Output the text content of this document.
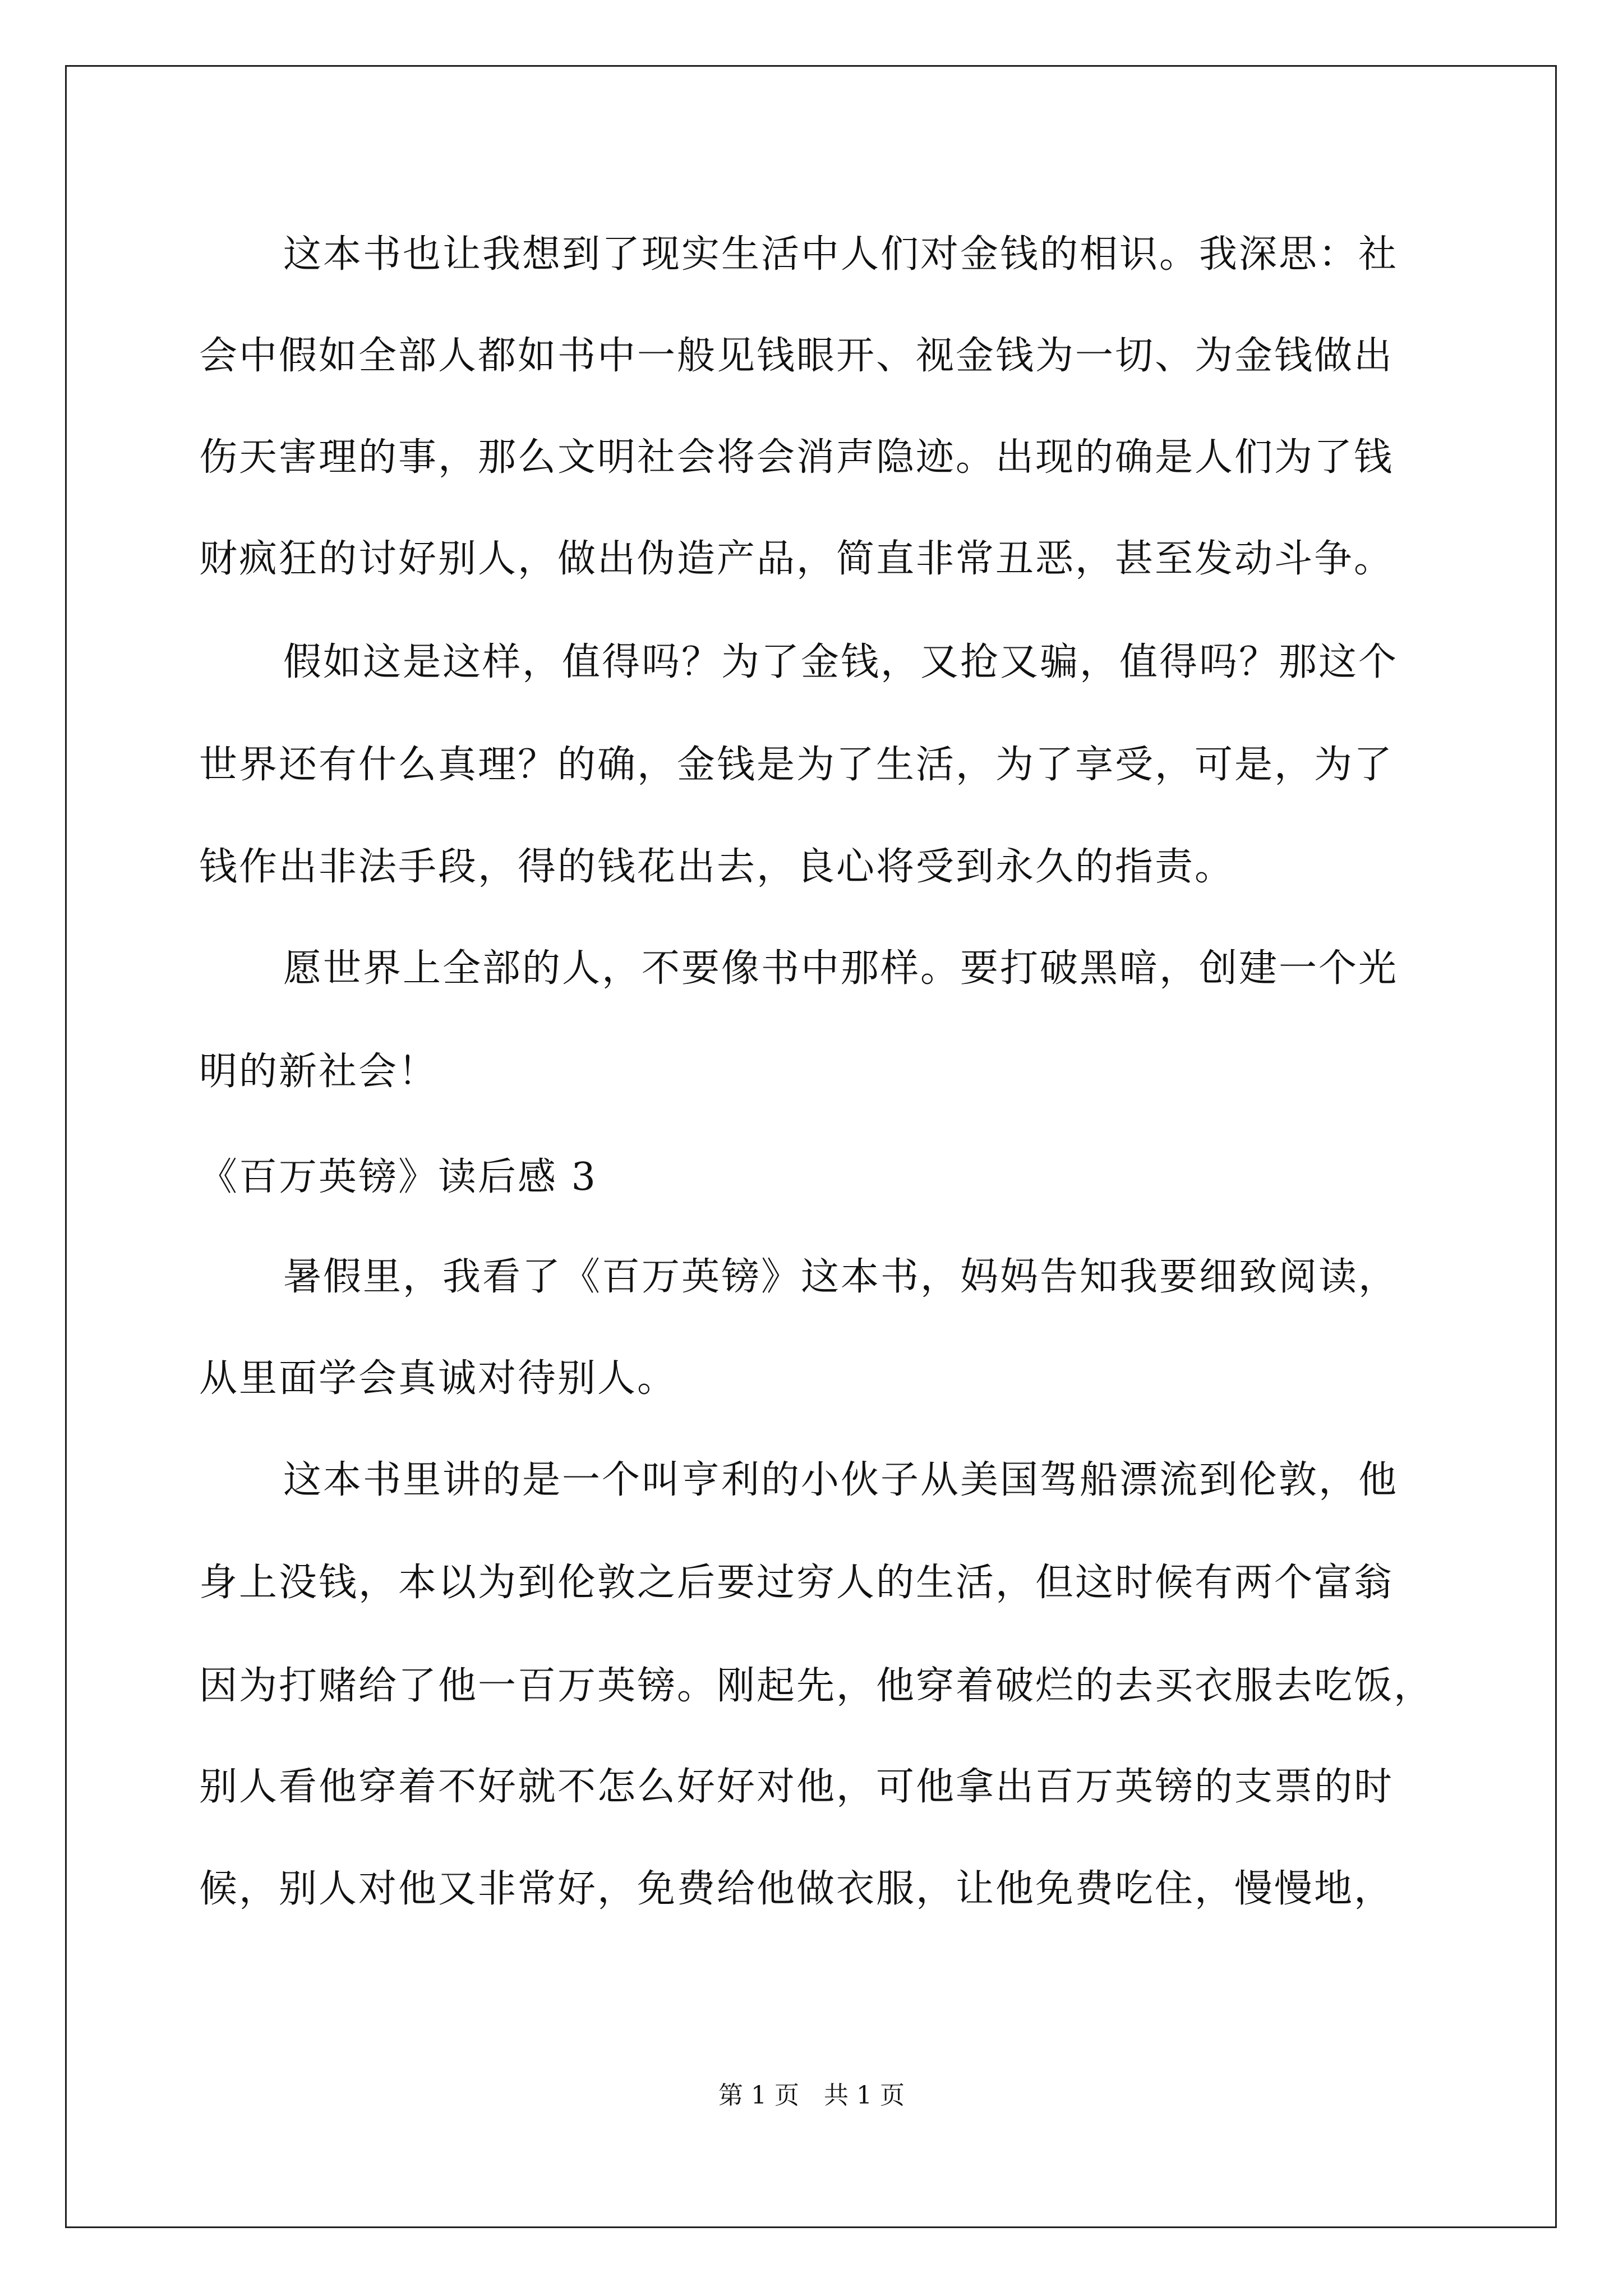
这本书也让我想到了现实生活中人们对金钱的相识。我深思：社
会中假如全部人都如书中一般见钱眼开、视金钱为一切、为金钱做出
伤天害理的事，那么文明社会将会消声隐迹。出现的确是人们为了钱
财疯狂的讨好别人，做出伪造产品，简直非常丑恶，甚至发动斗争。
假如这是这样，值得吗？为了金钱，又抢又骗，值得吗？那这个
世界还有什么真理？的确，金钱是为了生活，为了享受，可是，为了
钱作出非法手段，得的钱花出去，良心将受到永久的指责。
愿世界上全部的人，不要像书中那样。要打破黑暗，创建一个光
明的新社会！
《百万英镑》读后感 3
暑假里，我看了《百万英镑》这本书，妈妈告知我要细致阅读，
从里面学会真诚对待别人。
这本书里讲的是一个叫亨利的小伙子从美国驾船漂流到伦敦，他
身上没钱，本以为到伦敦之后要过穷人的生活，但这时候有两个富翁
因为打赌给了他一百万英镑。刚起先，他穿着破烂的去买衣服去吃饭，
别人看他穿着不好就不怎么好好对他，可他拿出百万英镑的支票的时
候，别人对他又非常好，免费给他做衣服，让他免费吃住，慢慢地，
第 1 页　共 1 页
